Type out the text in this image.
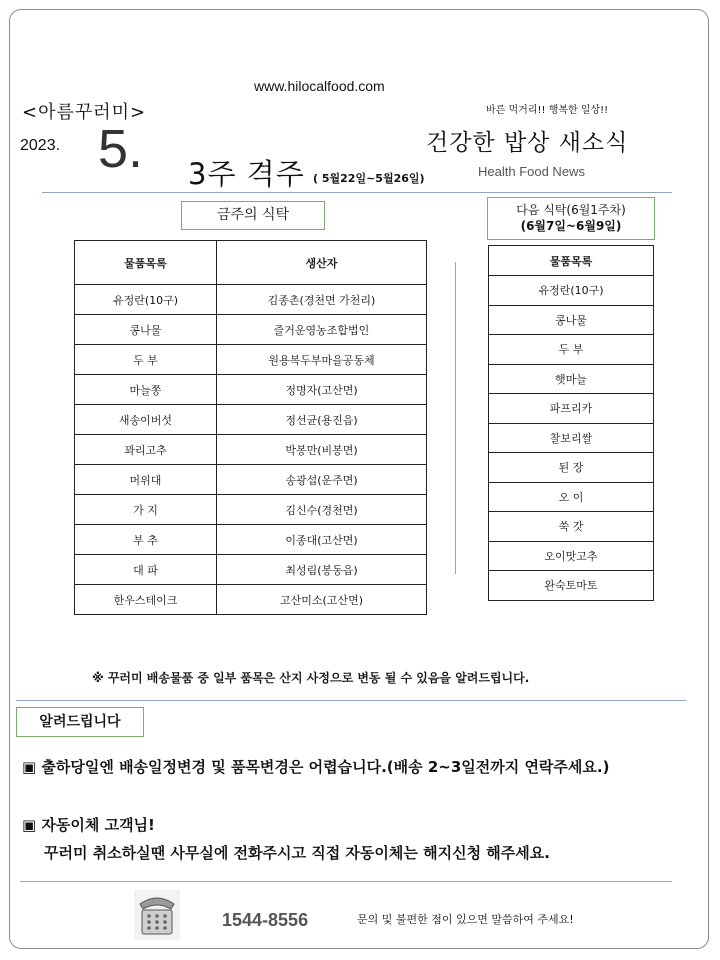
www.hilocalfood.com
<아름꾸러미>	바른 먹거리!! 행복한 일상!!
2023. 5.	건강한 밥상 새소식
3주 격주 ( 5월22일~5월26일)	Health Food News
금주의 식탁	다음 식탁(6월1주차)
(6월7일~6월9일)
물품목록	생산자
유정란(10구)	김종촌(경천면 가천리)
콩나물	즐거운영농조합법인
두 부	원용복두부마을공동체
마늘쫑	정명자(고산면)
새송이버섯	정선균(용진읍)
꽈리고추	박봉만(비봉면)
머위대	송광섭(운주면)
가 지	김신수(경천면)
부 추	이종대(고산면)
대 파	최성림(봉동읍)
한우스테이크	고산미소(고산면)
물품목록
유정란(10구)
콩나물
두 부
햇마늘
파프리카
찰보리쌀
된 장
오 이
쑥 갓
오이맛고추
완숙토마토
※ 꾸러미 배송물품 중 일부 품목은 산지 사정으로 변동 될 수 있음을 알려드립니다.
알려드립니다
▣ 출하당일엔 배송일정변경 및 품목변경은 어렵습니다.(배송 2~3일전까지 연락주세요.)
▣ 자동이체 고객님!
꾸러미 취소하실땐 사무실에 전화주시고 직접 자동이체는 해지신청 해주세요.
1544-8556	문의 및 불편한 점이 있으면 말씀하여 주세요!
